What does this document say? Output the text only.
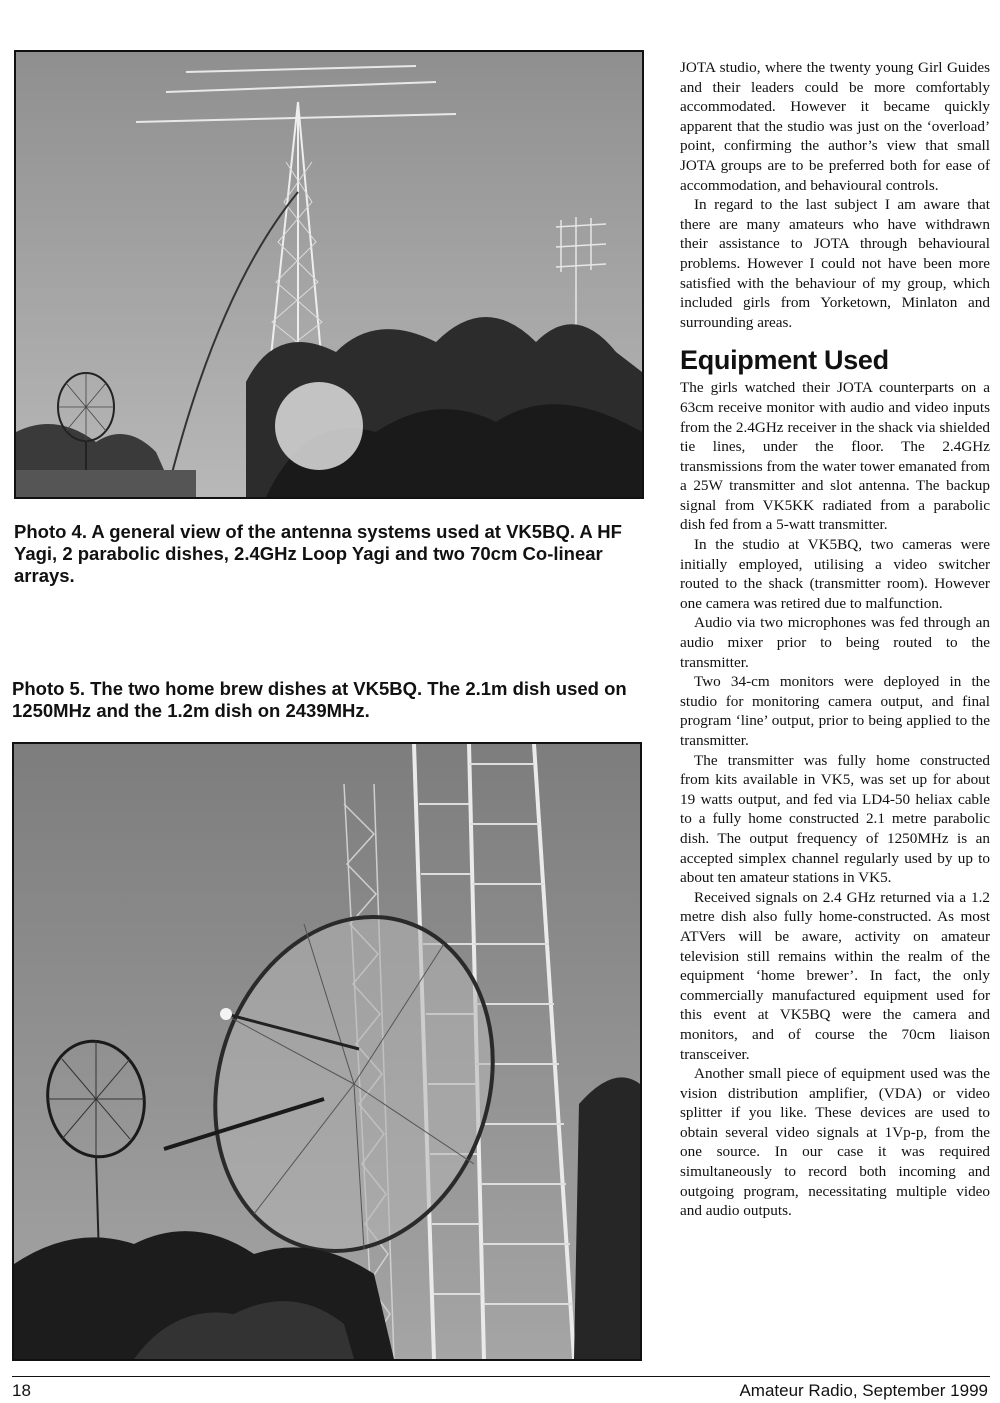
Photo 4. A general view of the antenna systems used at VK5BQ. A HF Yagi, 2 parabolic dishes, 2.4GHz Loop Yagi and two 70cm Co-linear arrays.

Photo 5. The two home brew dishes at VK5BQ. The 2.1m dish used on 1250MHz and the 1.2m dish on 2439MHz.

JOTA studio, where the twenty young Girl Guides and their leaders could be more comfortably accommodated. However it became quickly apparent that the studio was just on the ‘overload’ point, confirming the author’s view that small JOTA groups are to be preferred both for ease of accommodation, and behavioural controls.

In regard to the last subject I am aware that there are many amateurs who have withdrawn their assistance to JOTA through behavioural problems. However I could not have been more satisfied with the behaviour of my group, which included girls from Yorketown, Minlaton and surrounding areas.

Equipment Used

The girls watched their JOTA counterparts on a 63cm receive monitor with audio and video inputs from the 2.4GHz receiver in the shack via shielded tie lines, under the floor. The 2.4GHz transmissions from the water tower emanated from a 25W transmitter and slot antenna. The backup signal from VK5KK radiated from a parabolic dish fed from a 5-watt transmitter.

In the studio at VK5BQ, two cameras were initially employed, utilising a video switcher routed to the shack (transmitter room). However one camera was retired due to malfunction.

Audio via two microphones was fed through an audio mixer prior to being routed to the transmitter.

Two 34-cm monitors were deployed in the studio for monitoring camera output, and final program ‘line’ output, prior to being applied to the transmitter.

The transmitter was fully home constructed from kits available in VK5, was set up for about 19 watts output, and fed via LD4-50 heliax cable to a fully home constructed 2.1 metre parabolic dish. The output frequency of 1250MHz is an accepted simplex channel regularly used by up to about ten amateur stations in VK5.

Received signals on 2.4 GHz returned via a 1.2 metre dish also fully home-constructed. As most ATVers will be aware, activity on amateur television still remains within the realm of the equipment ‘home brewer’. In fact, the only commercially manufactured equipment used for this event at VK5BQ were the camera and monitors, and of course the 70cm liaison transceiver.

Another small piece of equipment used was the vision distribution amplifier, (VDA) or video splitter if you like. These devices are used to obtain several video signals at 1Vp-p, from the one source. In our case it was required simultaneously to record both incoming and outgoing program, necessitating multiple video and audio outputs.

18	Amateur Radio, September 1999
